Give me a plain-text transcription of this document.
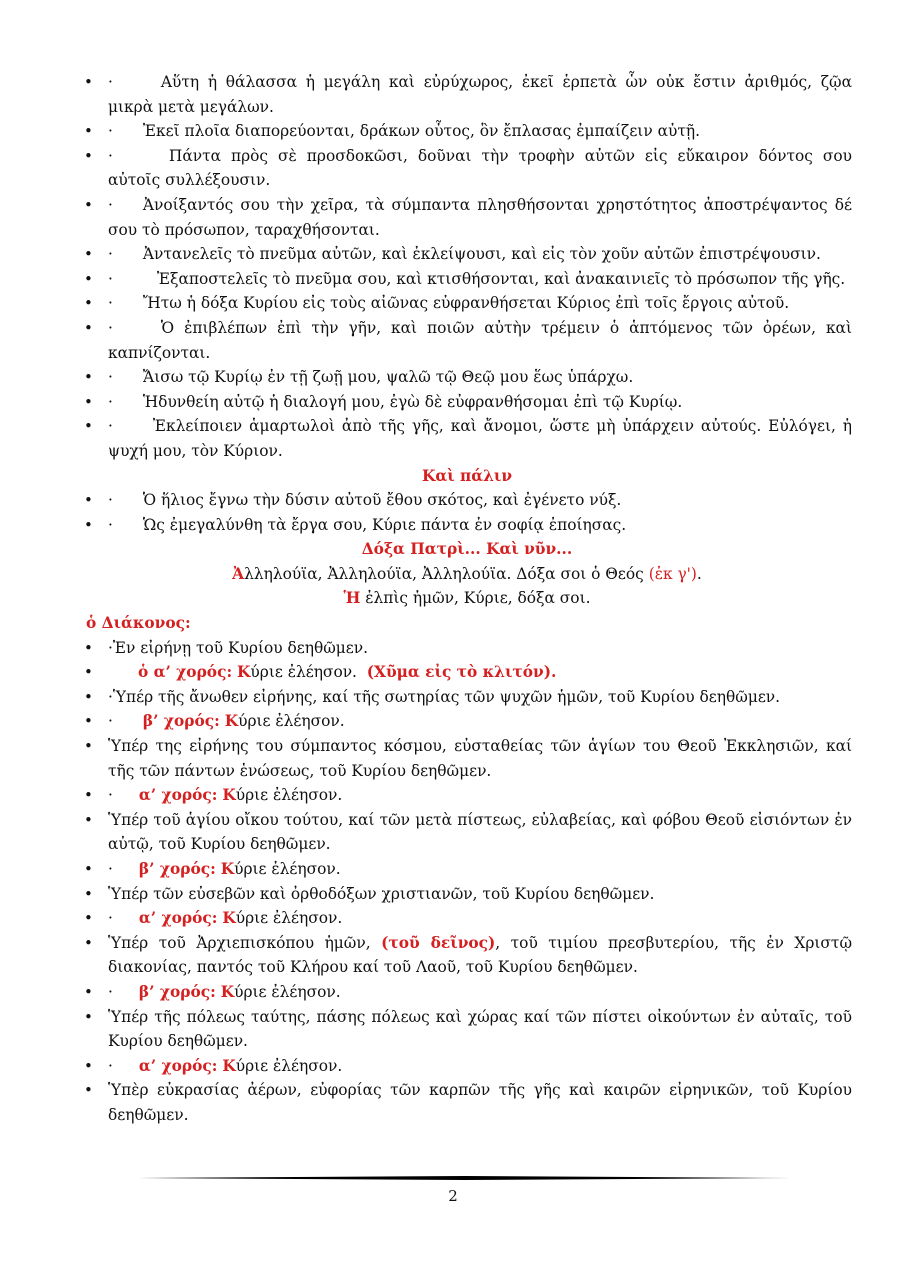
• ·	Αὕτη ἡ θάλασσα ἡ μεγάλη καὶ εὐρύχωρος, ἐκεῖ ἑρπετὰ ὧν οὐκ ἔστιν ἀριθμός, ζῷα μικρὰ μετὰ μεγάλων.
• · Ἐκεῖ πλοῖα διαπορεύονται, δράκων οὗτος, ὃν ἔπλασας ἐμπαίζειν αὐτῇ.
• ·	Πάντα πρὸς σὲ προσδοκῶσι, δοῦναι τὴν τροφὴν αὐτῶν εἰς εὔκαιρον δόντος σου αὐτοῖς συλλέξουσιν.
• · Ἀνοίξαντός σου τὴν χεῖρα, τὰ σύμπαντα πλησθήσονται χρηστότητος ἀποστρέψαντος δέ σου τὸ πρόσωπον, ταραχθήσονται.
• · Ἀντανελεῖς τὸ πνεῦμα αὐτῶν, καὶ ἐκλείψουσι, καὶ εἰς τὸν χοῦν αὐτῶν ἐπιστρέψουσιν.
• ·	Ἐξαποστελεῖς τὸ πνεῦμα σου, καὶ κτισθήσονται, καὶ ἀνακαινιεῖς τὸ πρόσωπον τῆς γῆς.
• · Ἤτω ἡ δόξα Κυρίου εἰς τοὺς αἰῶνας εὐφρανθήσεται Κύριος ἐπὶ τοῖς ἔργοις αὐτοῦ.
• ·	Ὁ ἐπιβλέπων ἐπὶ τὴν γῆν, καὶ ποιῶν αὐτὴν τρέμειν ὁ ἁπτόμενος τῶν ὀρέων, καὶ καπνίζονται.
• · Ἄισω τῷ Κυρίῳ ἐν τῇ ζωῇ μου, ψαλῶ τῷ Θεῷ μου ἕως ὑπάρχω.
• · Ἡδυνθείη αὐτῷ ἡ διαλογή μου, ἐγὼ δὲ εὐφρανθήσομαι ἐπὶ τῷ Κυρίῳ.
• ·	Ἐκλείποιεν ἁμαρτωλοὶ ἀπὸ τῆς γῆς, καὶ ἄνομοι, ὥστε μὴ ὑπάρχειν αὐτούς. Εὐλόγει, ἡ ψυχή μου, τὸν Κύριον.
Καὶ πάλιν
• · Ὁ ἥλιος ἔγνω τὴν δύσιν αὐτοῦ ἔθου σκότος, καὶ ἐγένετο νύξ.
• · Ὡς ἐμεγαλύνθη τὰ ἔργα σου, Κύριε πάντα ἐν σοφίᾳ ἐποίησας.
Δόξα Πατρὶ... Καὶ νῦν...
Ἀλληλούϊα, Ἀλληλούϊα, Ἀλληλούϊα. Δόξα σοι ὁ Θεός (ἐκ γ').
Ἡ ἐλπὶς ἡμῶν, Κύριε, δόξα σοι.
ὁ Διάκονος:
• ·Ἐν εἰρήνῃ τοῦ Κυρίου δεηθῶμεν.
•	ὁ α’ χορός: Κύριε ἐλέησον. (Χῦμα εἰς τὸ κλιτόν).
• ·Ὑπέρ τῆς ἄνωθεν εἰρήνης, καί τῆς σωτηρίας τῶν ψυχῶν ἡμῶν, τοῦ Κυρίου δεηθῶμεν.
• · β’ χορός: Κύριε ἐλέησον.
• Ὑπέρ της εἰρήνης του σύμπαντος κόσμου, εὐσταθείας τῶν ἁγίων του Θεοῦ Ἐκκλησιῶν, καί τῆς τῶν πάντων ἑνώσεως, τοῦ Κυρίου δεηθῶμεν.
• · α’ χορός: Κύριε ἐλέησον.
• Ὑπέρ τοῦ ἁγίου οἴκου τούτου, καί τῶν μετὰ πίστεως, εὐλαβείας, καὶ φόβου Θεοῦ εἰσιόντων ἐν αὐτῷ, τοῦ Κυρίου δεηθῶμεν.
• · β’ χορός: Κύριε ἐλέησον.
• Ὑπέρ τῶν εὐσεβῶν καὶ ὀρθοδόξων χριστιανῶν, τοῦ Κυρίου δεηθῶμεν.
• · α’ χορός: Κύριε ἐλέησον.
• Ὑπέρ τοῦ Ἀρχιεπισκόπου ἡμῶν, (τοῦ δεῖνος), τοῦ τιμίου πρεσβυτερίου, τῆς ἐν Χριστῷ διακονίας, παντός τοῦ Κλήρου καί τοῦ Λαοῦ, τοῦ Κυρίου δεηθῶμεν.
• · β’ χορός: Κύριε ἐλέησον.
• Ὑπέρ τῆς πόλεως ταύτης, πάσης πόλεως καὶ χώρας καί τῶν πίστει οἰκούντων ἐν αὐταῖς, τοῦ Κυρίου δεηθῶμεν.
• · α’ χορός: Κύριε ἐλέησον.
• Ὑπὲρ εὐκρασίας ἀέρων, εὐφορίας τῶν καρπῶν τῆς γῆς καὶ καιρῶν εἰρηνικῶν, τοῦ Κυρίου δεηθῶμεν.
2
